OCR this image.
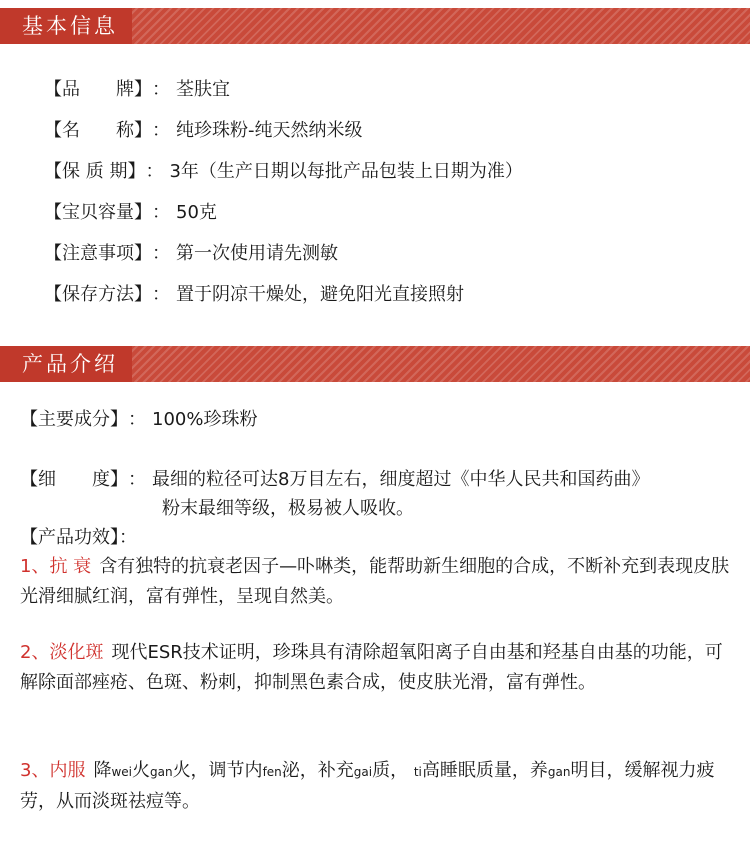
基本信息
【品　　牌】： 荃肤宜
【名　　称】： 纯珍珠粉-纯天然纳米级
【保 质 期】： 3年（生产日期以每批产品包装上日期为准）
【宝贝容量】： 50克
【注意事项】： 第一次使用请先测敏
【保存方法】： 置于阴凉干燥处，避免阳光直接照射
产品介绍
【主要成分】： 100%珍珠粉
【细　　度】： 最细的粒径可达8万目左右，细度超过《中华人民共和国药曲》
粉末最细等级，极易被人吸收。
【产品功效】：
1、抗 衰 含有独特的抗衰老因子—卟啉类，能帮助新生细胞的合成，不断补充到表现皮肤光滑细腻红润，富有弹性，呈现自然美。
2、淡化斑 现代ESR技术证明，珍珠具有清除超氧阳离子自由基和羟基自由基的功能，可解除面部痤疮、色斑、粉刺，抑制黑色素合成，使皮肤光滑，富有弹性。
3、内服 降wei火gan火，调节内fen泌，补充gai质， ti高睡眠质量，养gan明目，缓解视力疲劳，从而淡斑祛痘等。
